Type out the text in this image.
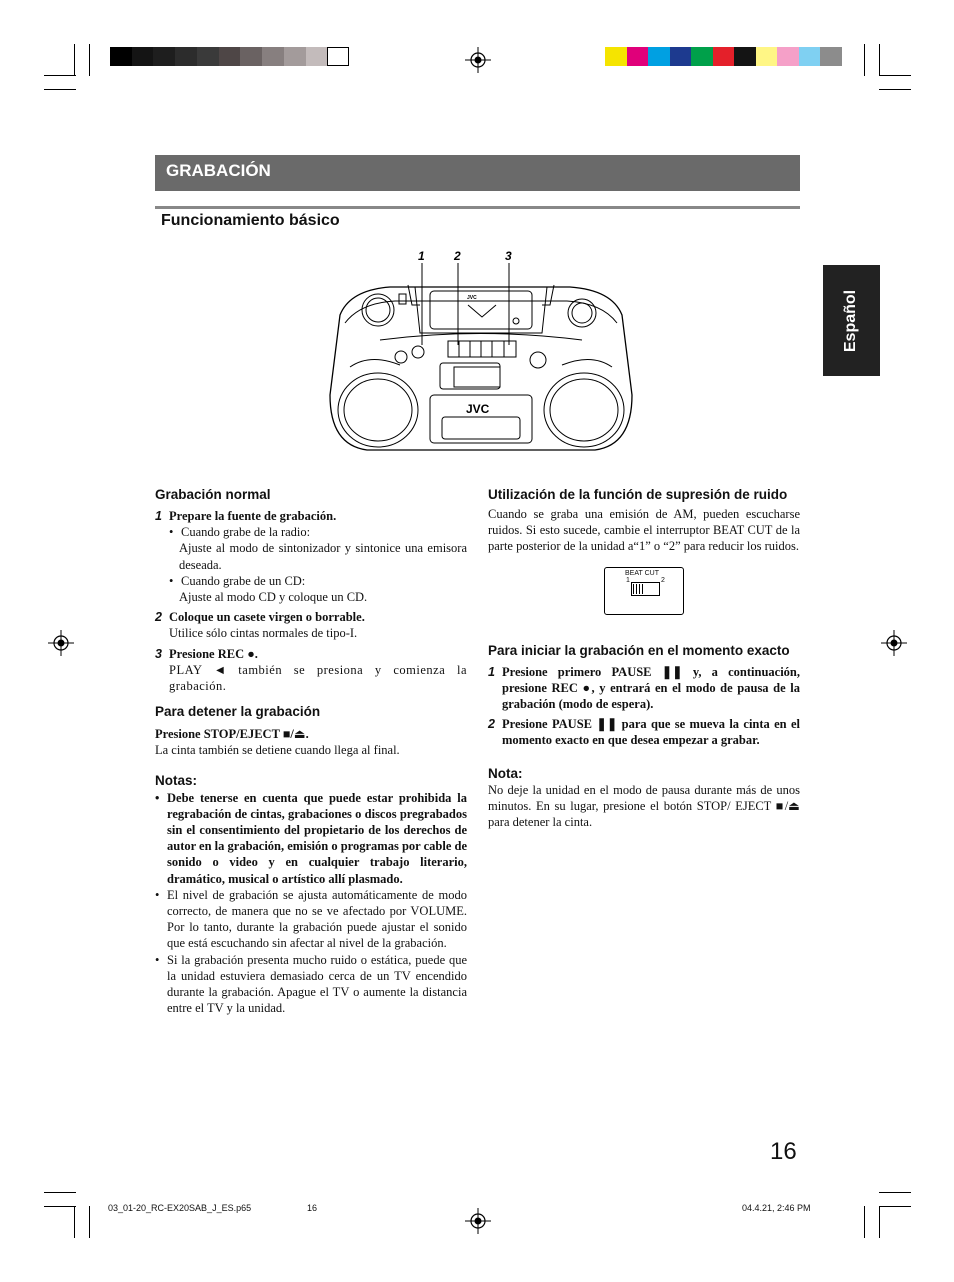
GRABACIÓN
Funcionamiento básico
Español
1 2	3
JVC
JVC

Grabación normal

1 Prepare la fuente de grabación.
• Cuando grabe de la radio:

Ajuste al modo de sintonizador y sintonice una emisora deseada.

• Cuando grabe de un CD:

Ajuste al modo CD y coloque un CD.

2 Coloque un casete virgen o borrable.

Utilice sólo cintas normales de tipo-I.

3 Presione REC ●.

PLAY ◄ también se presiona y comienza la grabación.

Para detener la grabación

Presione STOP/EJECT ■/⏏.

La cinta también se detiene cuando llega al final.

Notas:

• Debe tenerse en cuenta que puede estar prohibida la regrabación de cintas, grabaciones o discos pregrabados sin el consentimiento del propietario de los derechos de autor en la grabación, emisión o programas por cable de sonido o video y en cualquier trabajo literario, dramático, musical o artístico allí plasmado.
• El nivel de grabación se ajusta automáticamente de modo correcto, de manera que no se ve afectado por VOLUME. Por lo tanto, durante la grabación puede ajustar el sonido que está escuchando sin afectar al nivel de la grabación.
• Si la grabación presenta mucho ruido o estática, puede que la unidad estuviera demasiado cerca de un TV encendido durante la grabación. Apague el TV o aumente la distancia entre el TV y la unidad.

Utilización de la función de supresión de ruido

Cuando se graba una emisión de AM, pueden escucharse ruidos. Si esto sucede, cambie el interruptor BEAT CUT de la parte posterior de la unidad a“1” o “2” para reducir los ruidos.

BEAT CUT
1	2

Para iniciar la grabación en el momento exacto

1 Presione primero PAUSE ❚❚ y, a continuación, presione REC ●, y entrará en el modo de pausa de la grabación (modo de espera).
2 Presione PAUSE ❚❚ para que se mueva la cinta en el momento exacto en que desea empezar a grabar.

Nota:

No deje la unidad en el modo de pausa durante más de unos minutos. En su lugar, presione el botón STOP/ EJECT ■/⏏ para detener la cinta.

16
03_01-20_RC-EX20SAB_J_ES.p65	16	04.4.21, 2:46 PM
